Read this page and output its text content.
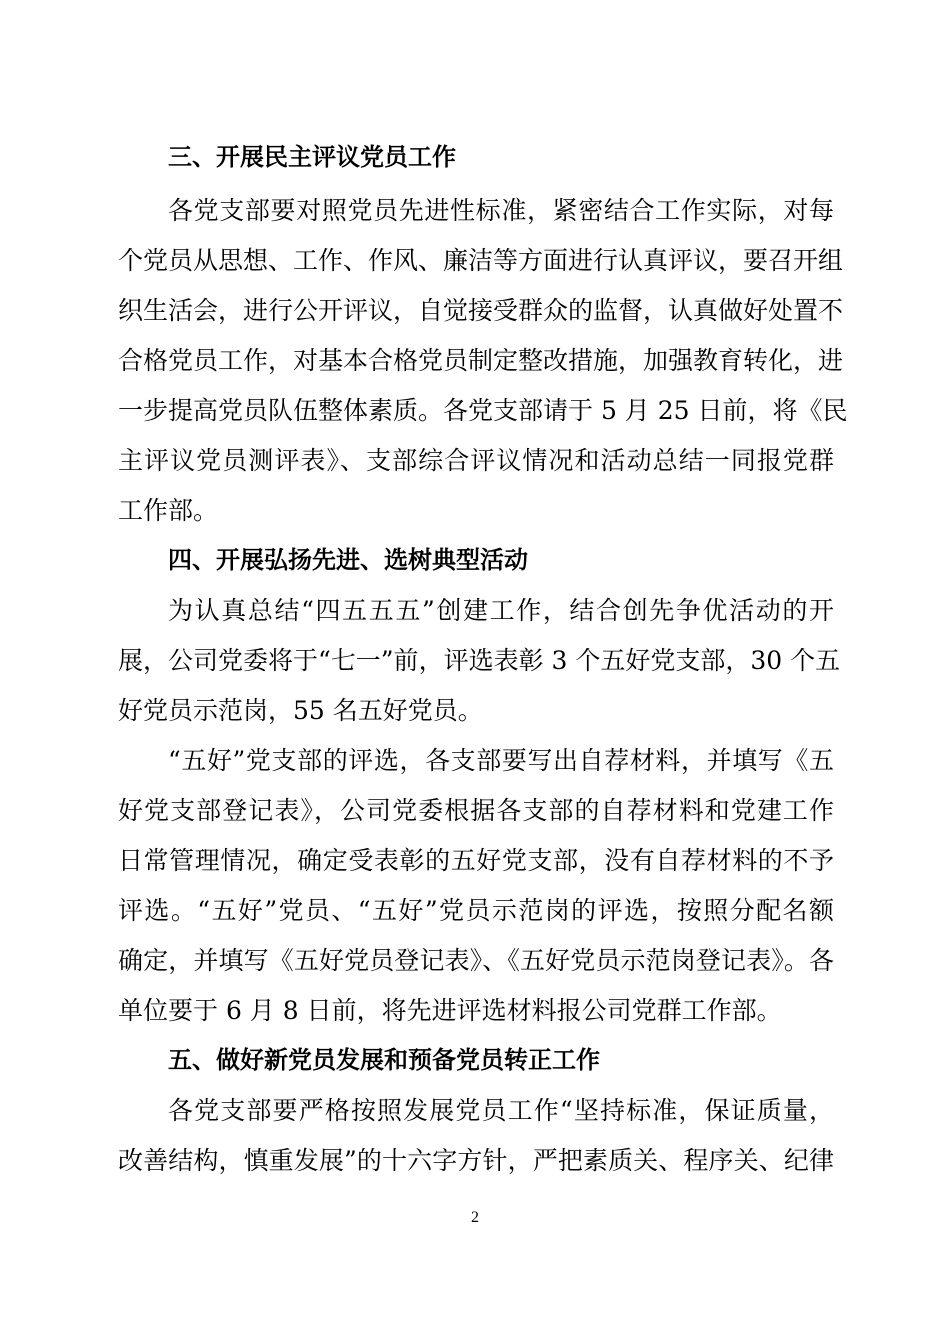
三、开展民主评议党员工作
各党支部要对照党员先进性标准，紧密结合工作实际，对每
个党员从思想、工作、作风、廉洁等方面进行认真评议，要召开组
织生活会，进行公开评议，自觉接受群众的监督，认真做好处置不
合格党员工作，对基本合格党员制定整改措施，加强教育转化，进
一步提高党员队伍整体素质。各党支部请于 5 月 25 日前，将《民
主评议党员测评表》、支部综合评议情况和活动总结一同报党群
工作部。
四、开展弘扬先进、选树典型活动
为认真总结“四五五五”创建工作，结合创先争优活动的开
展，公司党委将于“七一”前，评选表彰 3 个五好党支部，30 个五
好党员示范岗，55 名五好党员。
“五好”党支部的评选，各支部要写出自荐材料，并填写《五
好党支部登记表》，公司党委根据各支部的自荐材料和党建工作
日常管理情况，确定受表彰的五好党支部，没有自荐材料的不予
评选。“五好”党员、“五好”党员示范岗的评选，按照分配名额
确定，并填写《五好党员登记表》、《五好党员示范岗登记表》。各
单位要于 6 月 8 日前，将先进评选材料报公司党群工作部。
五、做好新党员发展和预备党员转正工作
各党支部要严格按照发展党员工作“坚持标准，保证质量，
改善结构，慎重发展”的十六字方针，严把素质关、程序关、纪律
2
